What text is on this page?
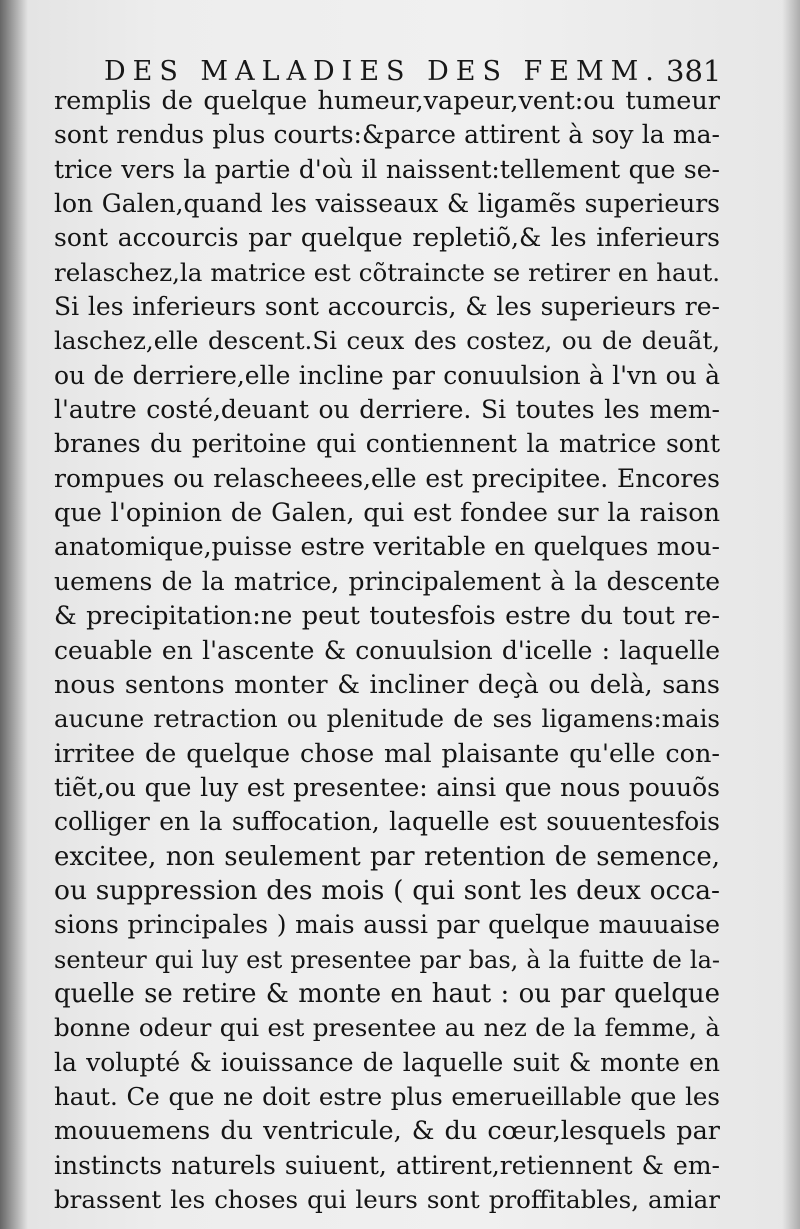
DES MALADIES DES FEMM. 381
remplis de quelque humeur,vapeur,vent:ou tumeur
sont rendus plus courts:&parce attirent à soy la ma-
trice vers la partie d'où il naissent:tellement que se-
lon Galen,quand les vaisseaux & ligamẽs superieurs
sont accourcis par quelque repletiõ,& les inferieurs
relaschez,la matrice est cõtraincte se retirer en haut.
Si les inferieurs sont accourcis, & les superieurs re-
laschez,elle descent.Si ceux des costez, ou de deuãt,
ou de derriere,elle incline par conuulsion à l'vn ou à
l'autre costé,deuant ou derriere. Si toutes les mem-
branes du peritoine qui contiennent la matrice sont
rompues ou relascheees,elle est precipitee. Encores
que l'opinion de Galen, qui est fondee sur la raison
anatomique,puisse estre veritable en quelques mou-
uemens de la matrice, principalement à la descente
& precipitation:ne peut toutesfois estre du tout re-
ceuable en l'ascente & conuulsion d'icelle : laquelle
nous sentons monter & incliner deçà ou delà, sans
aucune retraction ou plenitude de ses ligamens:mais
irritee de quelque chose mal plaisante qu'elle con-
tiẽt,ou que luy est presentee: ainsi que nous pouuõs
colliger en la suffocation, laquelle est souuentesfois
excitee, non seulement par retention de semence,
ou suppression des mois ( qui sont les deux occa-
sions principales ) mais aussi par quelque mauuaise
senteur qui luy est presentee par bas, à la fuitte de la-
quelle se retire & monte en haut : ou par quelque
bonne odeur qui est presentee au nez de la femme, à
la volupté & iouissance de laquelle suit & monte en
haut. Ce que ne doit estre plus emerueillable que les
mouuemens du ventricule, & du cœur,lesquels par
instincts naturels suiuent, attirent,retiennent & em-
brassent les choses qui leurs sont proffitables, amiar
